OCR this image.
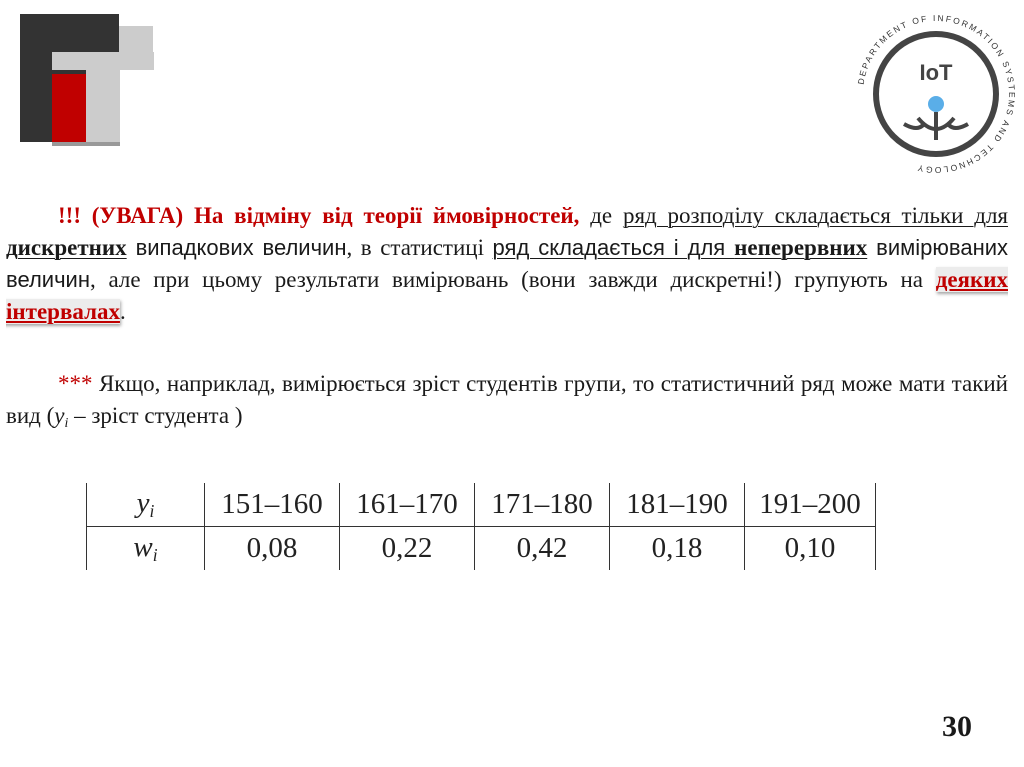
DEPARTMENT OF INFORMATION SYSTEMS AND TECHNOLOGY
IoT

!!! (УВАГА) На відміну від теорії ймовірностей, де ряд розподілу складається тільки для дискретних випадкових величин, в статистиці ряд складається і для неперервних вимірюваних величин, але при цьому результати вимірювань (вони завжди дискретні!) групують на деяких інтервалах.

*** Якщо, наприклад, вимірюється зріст студентів групи, то статистичний ряд може мати такий вид ($y_i$ – зріст студента )

$y_i$	151–160	161–170	171–180	181–190	191–200
$w_i$	0,08	0,22	0,42	0,18	0,10
30
